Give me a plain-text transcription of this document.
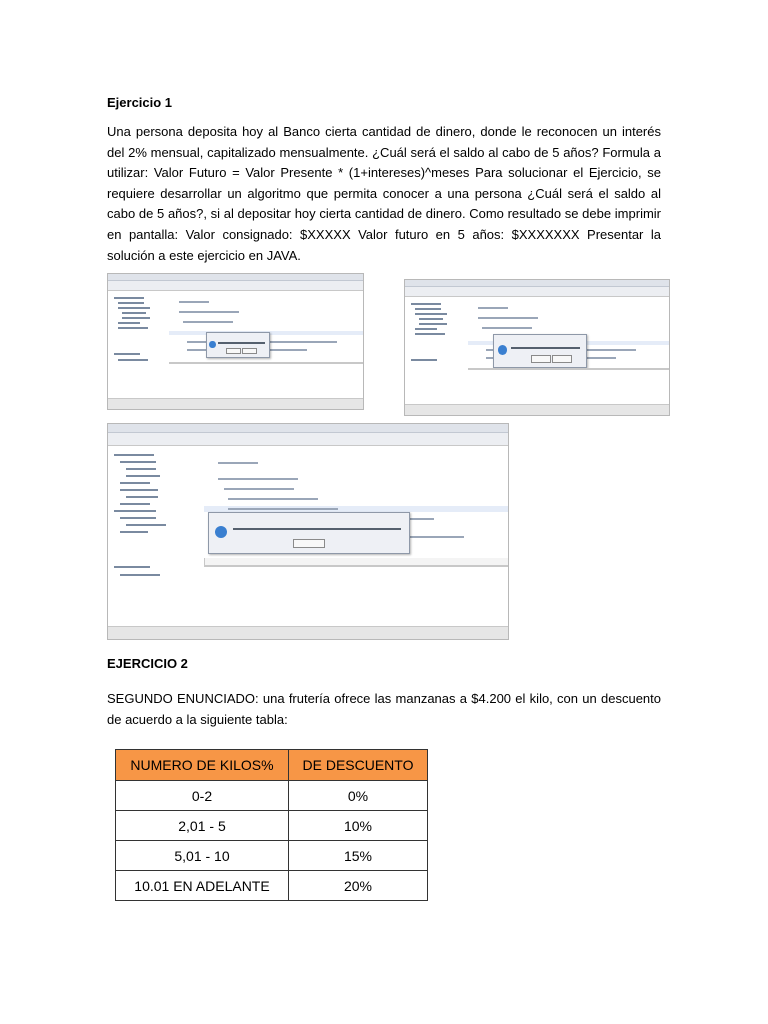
Ejercicio 1
Una persona deposita hoy al Banco cierta cantidad de dinero, donde le reconocen un interés del 2% mensual, capitalizado mensualmente. ¿Cuál será el saldo al cabo de 5 años? Formula a utilizar: Valor Futuro = Valor Presente * (1+intereses)^meses Para solucionar el Ejercicio, se requiere desarrollar un algoritmo que permita conocer a una persona ¿Cuál será el saldo al cabo de 5 años?, si al depositar hoy cierta cantidad de dinero. Como resultado se debe imprimir en pantalla: Valor consignado: $XXXXX Valor futuro en 5 años: $XXXXXXX Presentar la solución a este ejercicio en JAVA.
EJERCICIO 2
SEGUNDO ENUNCIADO: una frutería ofrece las manzanas a $4.200 el kilo, con un descuento de acuerdo a la siguiente tabla:
NUMERO DE KILOS%	DE DESCUENTO
0-2	0%
2,01 - 5	10%
5,01 - 10	15%
10.01 EN ADELANTE	20%
